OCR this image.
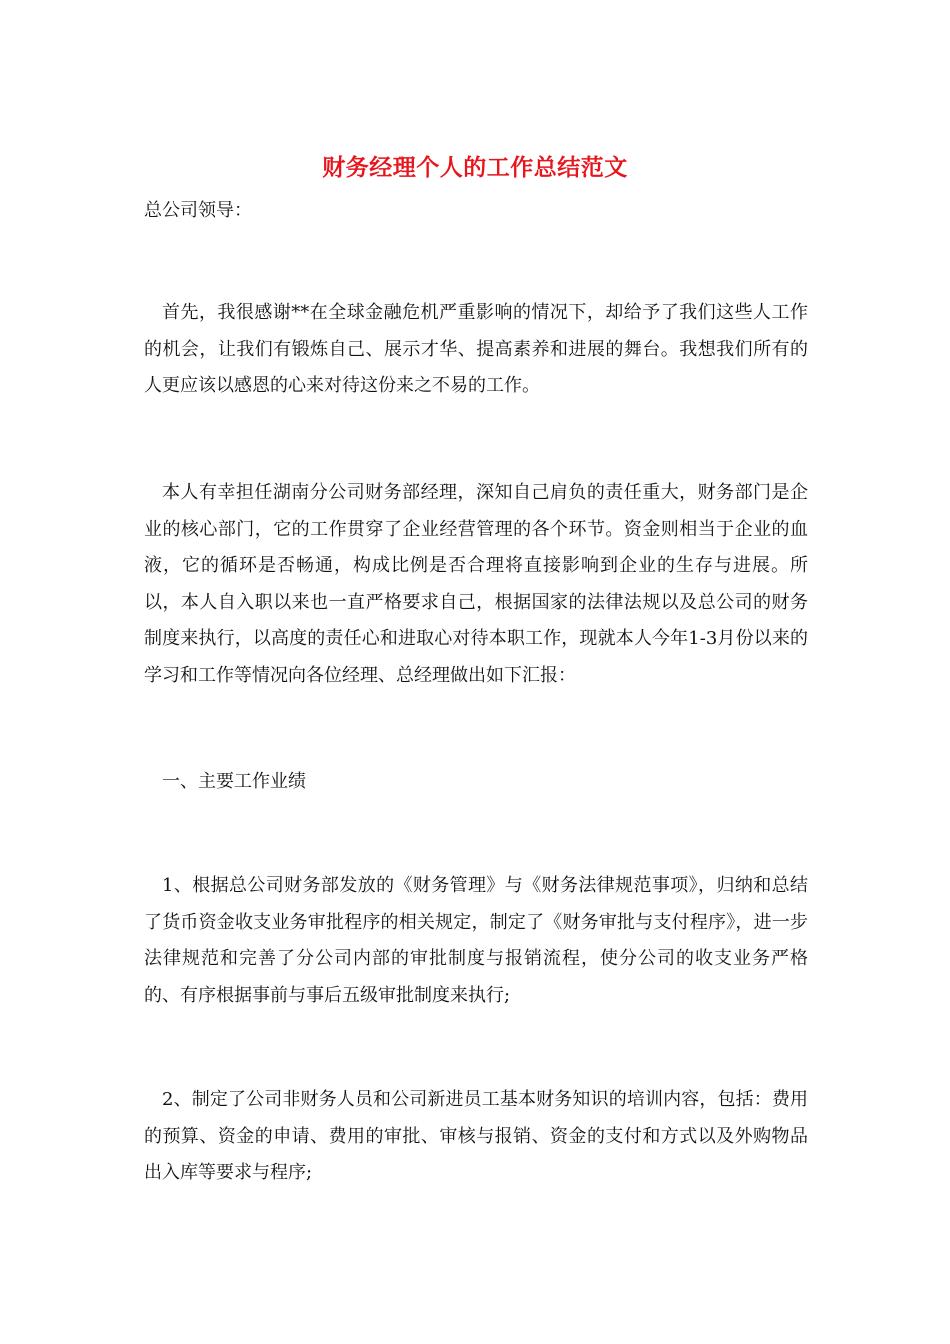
财务经理个人的工作总结范文

总公司领导：

首先，我很感谢**在全球金融危机严重影响的情况下，却给予了我们这些人工作的机会，让我们有锻炼自己、展示才华、提高素养和进展的舞台。我想我们所有的人更应该以感恩的心来对待这份来之不易的工作。

本人有幸担任湖南分公司财务部经理，深知自己肩负的责任重大，财务部门是企业的核心部门，它的工作贯穿了企业经营管理的各个环节。资金则相当于企业的血液，它的循环是否畅通，构成比例是否合理将直接影响到企业的生存与进展。所以，本人自入职以来也一直严格要求自己，根据国家的法律法规以及总公司的财务制度来执行，以高度的责任心和进取心对待本职工作，现就本人今年1-3月份以来的学习和工作等情况向各位经理、总经理做出如下汇报：

一、主要工作业绩

1、根据总公司财务部发放的《财务管理》与《财务法律规范事项》，归纳和总结了货币资金收支业务审批程序的相关规定，制定了《财务审批与支付程序》，进一步法律规范和完善了分公司内部的审批制度与报销流程，使分公司的收支业务严格的、有序根据事前与事后五级审批制度来执行;

2、制定了公司非财务人员和公司新进员工基本财务知识的培训内容，包括：费用的预算、资金的申请、费用的审批、审核与报销、资金的支付和方式以及外购物品出入库等要求与程序;
